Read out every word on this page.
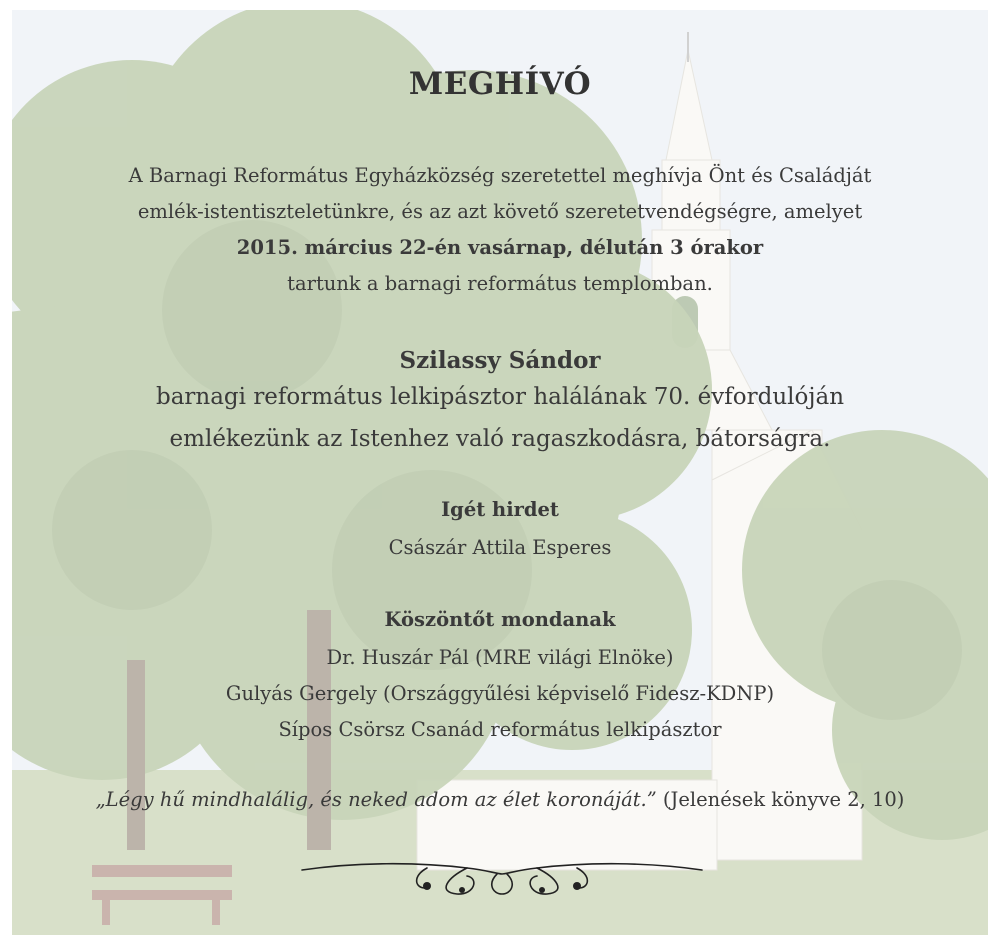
MEGHÍVÓ
A Barnagi Református Egyházközség szeretettel meghívja Önt és Családját
emlék-istentiszteletünkre, és az azt követő szeretetvendégségre, amelyet
2015. március 22-én vasárnap, délután 3 órakor
tartunk a barnagi református templomban.
Szilassy Sándor
barnagi református lelkipásztor halálának 70. évfordulóján
emlékezünk az Istenhez való ragaszkodásra, bátorságra.
Igét hirdet
Császár Attila Esperes
Köszöntőt mondanak
Dr. Huszár Pál (MRE világi Elnöke)
Gulyás Gergely (Országgyűlési képviselő Fidesz-KDNP)
Sípos Csörsz Csanád református lelkipásztor
„Légy hű mindhalálig, és neked adom az élet koronáját.” (Jelenések könyve 2, 10)
